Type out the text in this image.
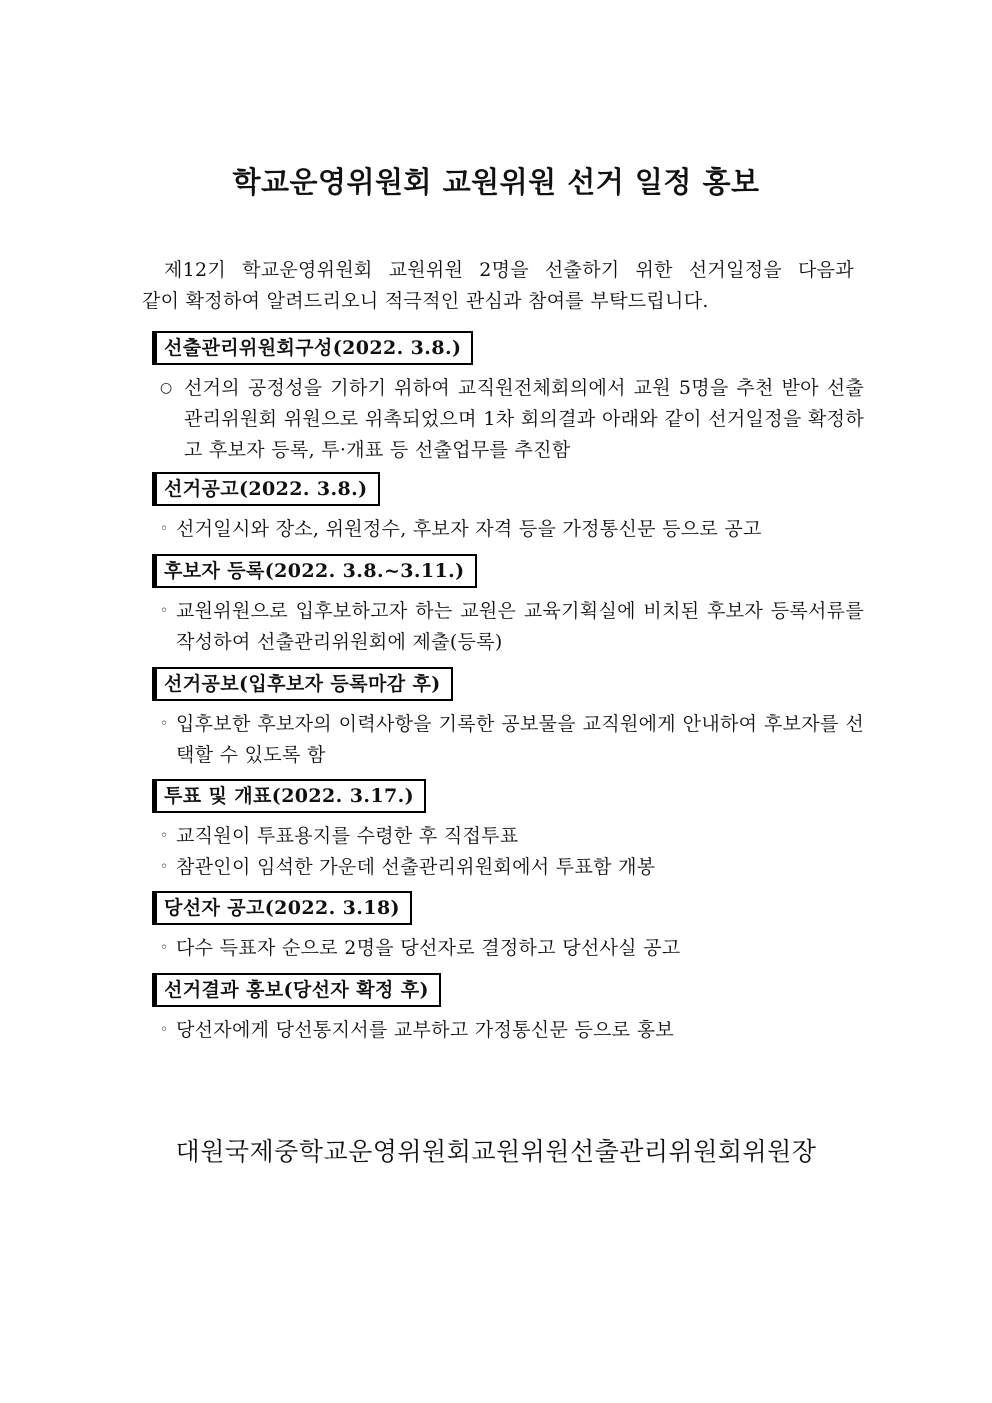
학교운영위원회 교원위원 선거 일정 홍보

제12기 학교운영위원회 교원위원 2명을 선출하기 위한 선거일정을 다음과

같이 확정하여 알려드리오니 적극적인 관심과 참여를 부탁드립니다.

선출관리위원회구성(2022. 3.8.)
○ 선거의 공정성을 기하기 위하여 교직원전체회의에서 교원 5명을 추천 받아 선출관리위원회 위원으로 위촉되었으며 1차 회의결과 아래와 같이 선거일정을 확정하고 후보자 등록, 투·개표 등 선출업무를 추진함
선거공고(2022. 3.8.)
◦ 선거일시와 장소, 위원정수, 후보자 자격 등을 가정통신문 등으로 공고
후보자 등록(2022. 3.8.~3.11.)
◦ 교원위원으로 입후보하고자 하는 교원은 교육기획실에 비치된 후보자 등록서류를 작성하여 선출관리위원회에 제출(등록)
선거공보(입후보자 등록마감 후)
◦ 입후보한 후보자의 이력사항을 기록한 공보물을 교직원에게 안내하여 후보자를 선택할 수 있도록 함
투표 및 개표(2022. 3.17.)
◦ 교직원이 투표용지를 수령한 후 직접투표
◦ 참관인이 임석한 가운데 선출관리위원회에서 투표함 개봉
당선자 공고(2022. 3.18)
◦ 다수 득표자 순으로 2명을 당선자로 결정하고 당선사실 공고
선거결과 홍보(당선자 확정 후)
◦ 당선자에게 당선통지서를 교부하고 가정통신문 등으로 홍보
대원국제중학교운영위원회교원위원선출관리위원회위원장
